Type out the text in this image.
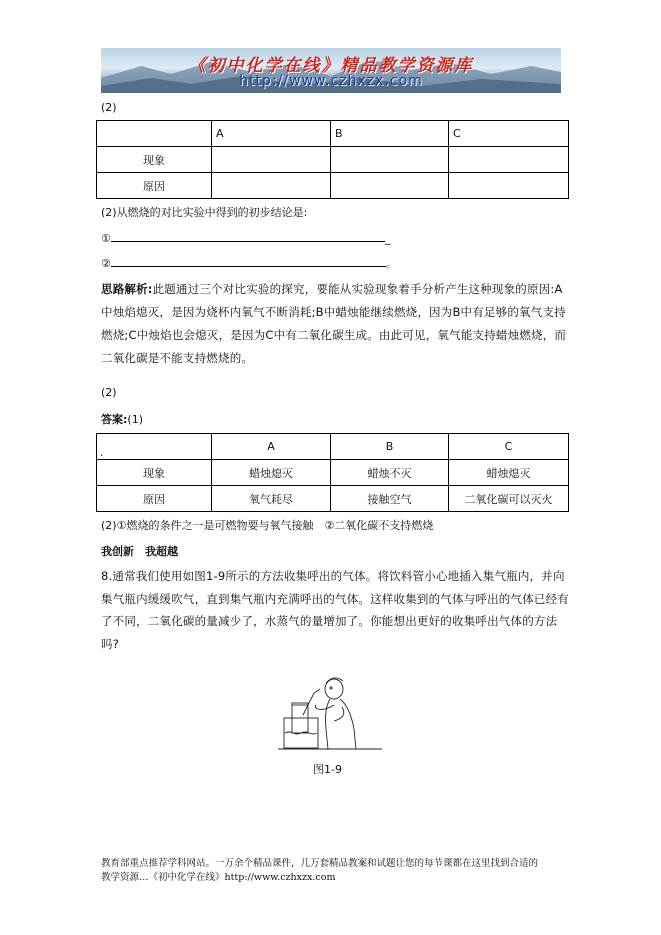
《初中化学在线》精品教学资源库
http://www.czhxzx.com
(2)
	A	B	C
现象			
原因			
(2)从燃烧的对比实验中得到的初步结论是:
①	_
②	。
思路解析:此题通过三个对比实验的探究，要能从实验现象着手分析产生这种现象的原因:A中烛焰熄灭，是因为烧杯内氧气不断消耗;B中蜡烛能继续燃烧，因为B中有足够的氧气支持燃烧;C中烛焰也会熄灭，是因为C中有二氧化碳生成。由此可见，氧气能支持蜡烛燃烧，而二氧化碳是不能支持燃烧的。
(2)
答案:(1)
.	A	B	C
现象	蜡烛熄灭	蜡烛不灭	蜡烛熄灭
原因	氧气耗尽	接触空气	二氧化碳可以灭火
(2)①燃烧的条件之一是可燃物要与氧气接触　②二氧化碳不支持燃烧
我创新　我超越
8.通常我们使用如图1-9所示的方法收集呼出的气体。将饮料管小心地插入集气瓶内，并向集气瓶内缓缓吹气，直到集气瓶内充满呼出的气体。这样收集到的气体与呼出的气体已经有了不同，二氧化碳的量减少了，水蒸气的量增加了。你能想出更好的收集呼出气体的方法吗?
图1-9
教育部重点推荐学科网站。一万余个精品课件，几万套精品教案和试题让您的每节课都在这里找到合适的
教学资源…《初中化学在线》http://www.czhxzx.com
